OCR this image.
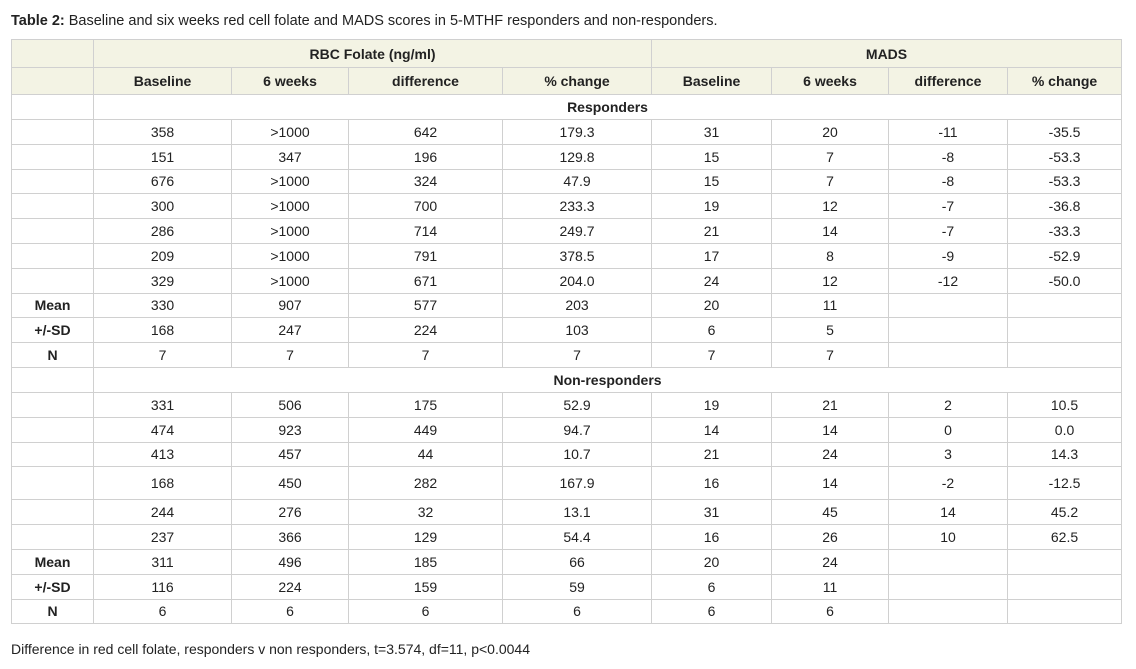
Table 2: Baseline and six weeks red cell folate and MADS scores in 5-MTHF responders and non-responders.
	RBC Folate (ng/ml)				MADS			
	Baseline	6 weeks	difference	% change	Baseline	6 weeks	difference	% change
	Responders							
	358	>1000	642	179.3	31	20	-11	-35.5
	151	347	196	129.8	15	7	-8	-53.3
	676	>1000	324	47.9	15	7	-8	-53.3
	300	>1000	700	233.3	19	12	-7	-36.8
	286	>1000	714	249.7	21	14	-7	-33.3
	209	>1000	791	378.5	17	8	-9	-52.9
	329	>1000	671	204.0	24	12	-12	-50.0
Mean	330	907	577	203	20	11		
+/-SD	168	247	224	103	6	5		
N	7	7	7	7	7	7		
	Non-responders							
	331	506	175	52.9	19	21	2	10.5
	474	923	449	94.7	14	14	0	0.0
	413	457	44	10.7	21	24	3	14.3
	168	450	282	167.9	16	14	-2	-12.5
	244	276	32	13.1	31	45	14	45.2
	237	366	129	54.4	16	26	10	62.5
Mean	311	496	185	66	20	24		
+/-SD	116	224	159	59	6	11		
N	6	6	6	6	6	6		
Difference in red cell folate, responders v non responders, t=3.574, df=11, p<0.0044
